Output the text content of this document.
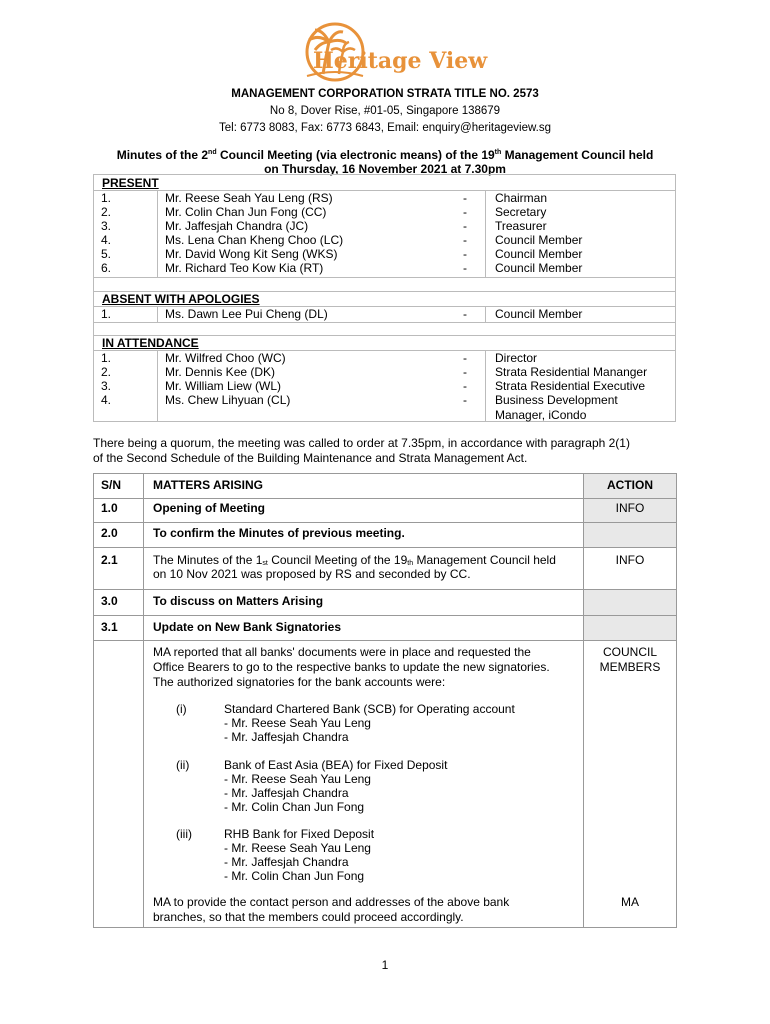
Heritage View
MANAGEMENT CORPORATION STRATA TITLE NO. 2573
No 8, Dover Rise, #01-05, Singapore 138679
Tel: 6773 8083, Fax: 6773 6843, Email: enquiry@heritageview.sg
Minutes of the 2nd Council Meeting (via electronic means) of the 19th Management Council held
on Thursday, 16 November 2021 at 7.30pm
PRESENT
1.	Mr. Reese Seah Yau Leng (RS)	- Chairman
2.	Mr. Colin Chan Jun Fong (CC)	- Secretary
3.	Mr. Jaffesjah Chandra (JC)	- Treasurer
4.	Ms. Lena Chan Kheng Choo (LC)	- Council Member
5.	Mr. David Wong Kit Seng (WKS)	- Council Member
6.	Mr. Richard Teo Kow Kia (RT)	- Council Member
ABSENT WITH APOLOGIES
1.	Ms. Dawn Lee Pui Cheng (DL)	- Council Member
IN ATTENDANCE
1.	Mr. Wilfred Choo (WC)	- Director
2.	Mr. Dennis Kee (DK)	- Strata Residential Mananger
3.	Mr. William Liew (WL)	- Strata Residential Executive
4.	Ms. Chew Lihyuan (CL)	- Business Development
Manager, iCondo
There being a quorum, the meeting was called to order at 7.35pm, in accordance with paragraph 2(1)
of the Second Schedule of the Building Maintenance and Strata Management Act.
S/N	MATTERS ARISING	ACTION
1.0	Opening of Meeting	INFO
2.0	To confirm the Minutes of previous meeting.
2.1	The Minutes of the $1_{st}$ Council Meeting of the $19_{th}$ Management Council held
on 10 Nov 2021 was proposed by RS and seconded by CC.
INFO
3.0	To discuss on Matters Arising
3.1	Update on New Bank Signatories
MA reported that all banks' documents were in place and requested the
Office Bearers to go to the respective banks to update the new signatories.
The authorized signatories for the bank accounts were:
COUNCIL
MEMBERS
(i)	Standard Chartered Bank (SCB) for Operating account
- Mr. Reese Seah Yau Leng
- Mr. Jaffesjah Chandra
(ii)	Bank of East Asia (BEA) for Fixed Deposit
- Mr. Reese Seah Yau Leng
- Mr. Jaffesjah Chandra
- Mr. Colin Chan Jun Fong
(iii)	RHB Bank for Fixed Deposit
- Mr. Reese Seah Yau Leng
- Mr. Jaffesjah Chandra
- Mr. Colin Chan Jun Fong
MA to provide the contact person and addresses of the above bank
branches, so that the members could proceed accordingly.
MA
1
